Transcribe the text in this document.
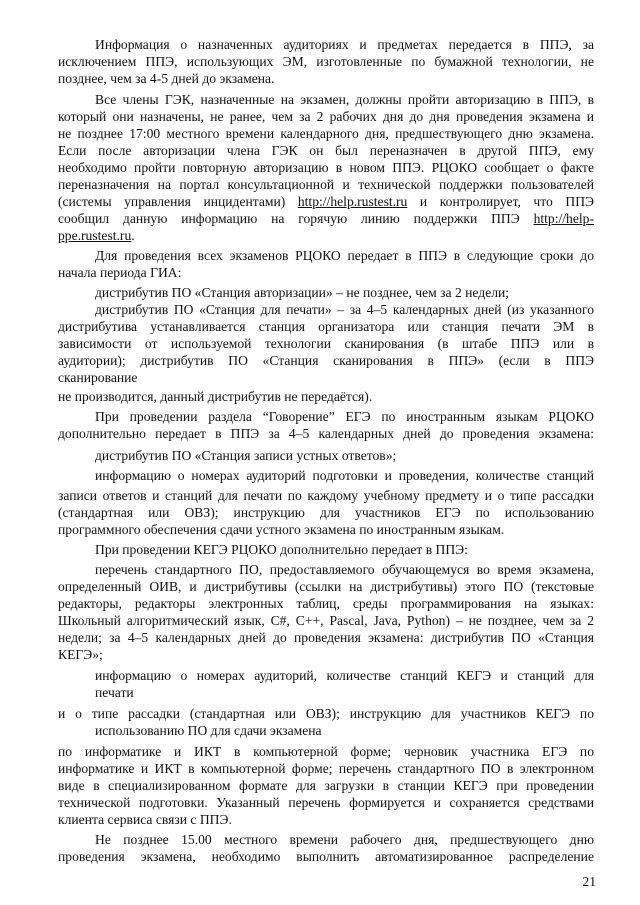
Информация о назначенных аудиториях и предметах передается в ППЭ, за

исключением ППЭ, использующих ЭМ, изготовленные по бумажной технологии, не

позднее, чем за 4-5 дней до экзамена.

Все члены ГЭК, назначенные на экзамен, должны пройти авторизацию в ППЭ, в

который они назначены, не ранее, чем за 2 рабочих дня до дня проведения экзамена и

не позднее 17:00 местного времени календарного дня, предшествующего дню экзамена.

Если после авторизации члена ГЭК он был переназначен в другой ППЭ, ему

необходимо пройти повторную авторизацию в новом ППЭ. РЦОКО сообщает о факте

переназначения на портал консультационной и технической поддержки пользователей

(системы управления инцидентами) http://help.rustest.ru и контролирует, что ППЭ

сообщил данную информацию на горячую линию поддержки ППЭ http://help-

ppe.rustest.ru.

Для проведения всех экзаменов РЦОКО передает в ППЭ в следующие сроки до

начала периода ГИА:

дистрибутив ПО «Станция авторизации» – не позднее, чем за 2 недели;

дистрибутив ПО «Станция для печати» – за 4–5 календарных дней (из указанного

дистрибутива устанавливается станция организатора или станция печати ЭМ в

зависимости от используемой технологии сканирования (в штабе ППЭ или в

аудитории); дистрибутив ПО «Станция сканирования в ППЭ» (если в ППЭ

сканирование

не производится, данный дистрибутив не передаётся).

При проведении раздела “Говорение” ЕГЭ по иностранным языкам РЦОКО

дополнительно передает в ППЭ за 4–5 календарных дней до проведения экзамена:

дистрибутив ПО «Станция записи устных ответов»;

информацию о номерах аудиторий подготовки и проведения, количестве станций

записи ответов и станций для печати по каждому учебному предмету и о типе рассадки

(стандартная или ОВЗ); инструкцию для участников ЕГЭ по использованию

программного обеспечения сдачи устного экзамена по иностранным языкам.

При проведении КЕГЭ РЦОКО дополнительно передает в ППЭ:

перечень стандартного ПО, предоставляемого обучающемуся во время экзамена,

определенный ОИВ, и дистрибутивы (ссылки на дистрибутивы) этого ПО (текстовые

редакторы, редакторы электронных таблиц, среды программирования на языках:

Школьный алгоритмический язык, C#, C++, Pascal, Java, Python) – не позднее, чем за 2

недели; за 4–5 календарных дней до проведения экзамена: дистрибутив ПО «Станция

КЕГЭ»;

информацию о номерах аудиторий, количестве станций КЕГЭ и станций для

печати

и о типе рассадки (стандартная или ОВЗ); инструкцию для участников КЕГЭ по

использованию ПО для сдачи экзамена

по информатике и ИКТ в компьютерной форме; черновик участника ЕГЭ по

информатике и ИКТ в компьютерной форме; перечень стандартного ПО в электронном

виде в специализированном формате для загрузки в станции КЕГЭ при проведении

технической подготовки. Указанный перечень формируется и сохраняется средствами

клиента сервиса связи с ППЭ.

Не позднее 15.00 местного времени рабочего дня, предшествующего дню

проведения экзамена, необходимо выполнить автоматизированное распределение

21
